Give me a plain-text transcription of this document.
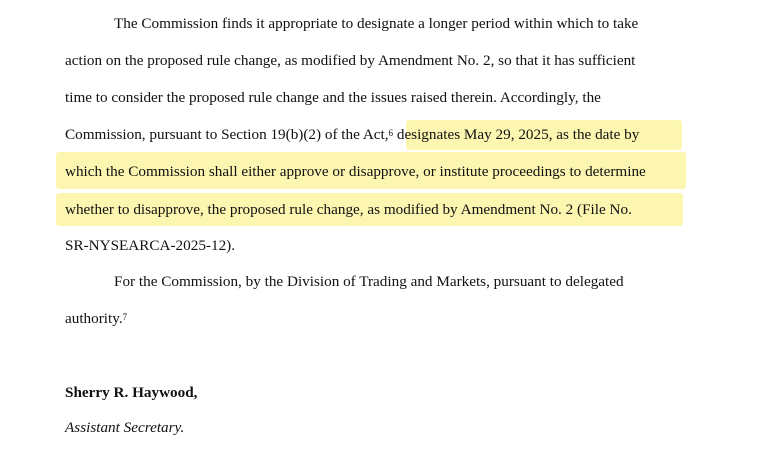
The Commission finds it appropriate to designate a longer period within which to take
action on the proposed rule change, as modified by Amendment No. 2, so that it has sufficient
time to consider the proposed rule change and the issues raised therein. Accordingly, the
Commission, pursuant to Section 19(b)(2) of the Act,$^6$ designates May 29, 2025, as the date by
which the Commission shall either approve or disapprove, or institute proceedings to determine
whether to disapprove, the proposed rule change, as modified by Amendment No. 2 (File No.
SR-NYSEARCA-2025-12).
For the Commission, by the Division of Trading and Markets, pursuant to delegated
authority.$^7$
Sherry R. Haywood,
Assistant Secretary.
